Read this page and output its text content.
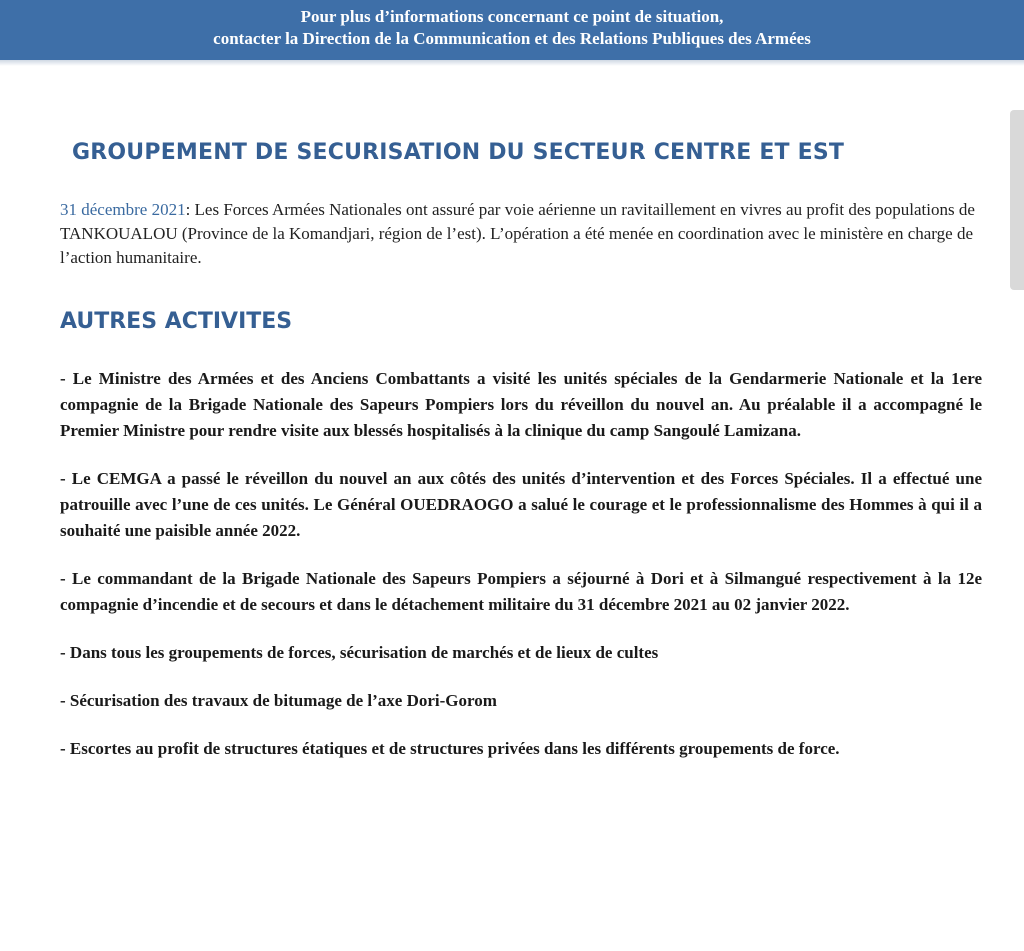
Pour plus d’informations concernant ce point de situation,
contacter la Direction de la Communication et des Relations Publiques des Armées
GROUPEMENT DE SECURISATION DU SECTEUR CENTRE ET EST

31 décembre 2021: Les Forces Armées Nationales ont assuré par voie aérienne un ravitaillement en vivres au profit des populations de TANKOUALOU (Province de la Komandjari, région de l’est). L’opération a été menée en coordination avec le ministère en charge de l’action humanitaire.

AUTRES ACTIVITES
- Le Ministre des Armées et des Anciens Combattants a visité les unités spéciales de la Gendarmerie Nationale et la 1ere compagnie de la Brigade Nationale des Sapeurs Pompiers lors du réveillon du nouvel an. Au préalable il a accompagné le Premier Ministre pour rendre visite aux blessés hospitalisés à la clinique du camp Sangoulé Lamizana.
- Le CEMGA a passé le réveillon du nouvel an aux côtés des unités d’intervention et des Forces Spéciales. Il a effectué une patrouille avec l’une de ces unités. Le Général OUEDRAOGO a salué le courage et le professionnalisme des Hommes à qui il a souhaité une paisible année 2022.
- Le commandant de la Brigade Nationale des Sapeurs Pompiers a séjourné à Dori et à Silmangué respectivement à la 12e compagnie d’incendie et de secours et dans le détachement militaire du 31 décembre 2021 au 02 janvier 2022.
- Dans tous les groupements de forces, sécurisation de marchés et de lieux de cultes
- Sécurisation des travaux de bitumage de l’axe Dori-Gorom
- Escortes au profit de structures étatiques et de structures privées dans les différents groupements de force.
